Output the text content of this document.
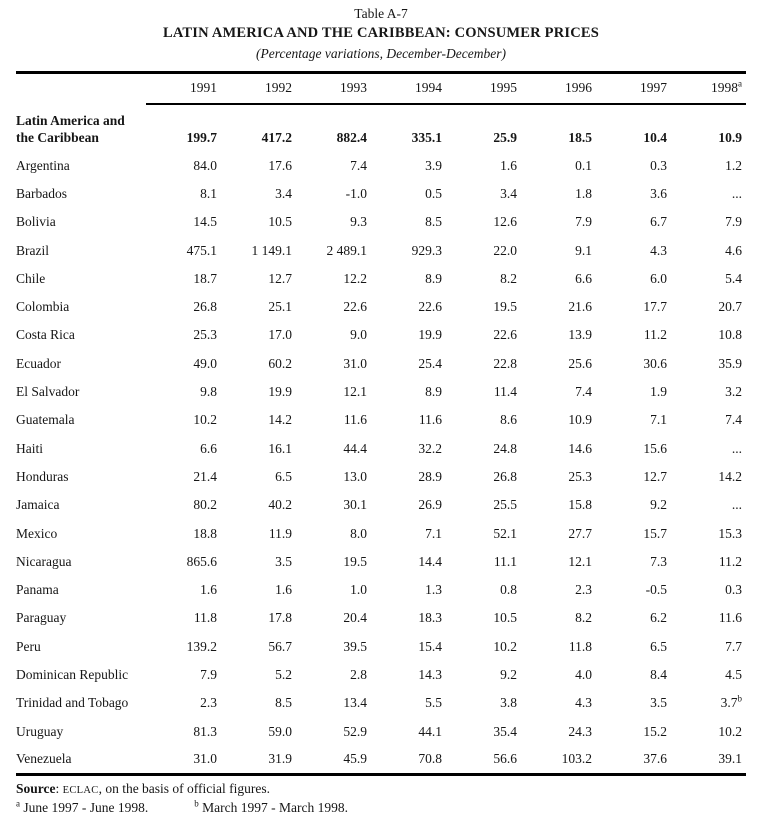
Table A-7
LATIN AMERICA AND THE CARIBBEAN: CONSUMER PRICES
(Percentage variations, December-December)
	1991	1992	1993	1994	1995	1996	1997	1998$^a$

Latin America and
the Caribbean	199.7	417.2	882.4	335.1	25.9	18.5	10.4	10.9
Argentina	84.0	17.6	7.4	3.9	1.6	0.1	0.3	1.2
Barbados	8.1	3.4	-1.0	0.5	3.4	1.8	3.6	...
Bolivia	14.5	10.5	9.3	8.5	12.6	7.9	6.7	7.9
Brazil	475.1	1 149.1	2 489.1	929.3	22.0	9.1	4.3	4.6
Chile	18.7	12.7	12.2	8.9	8.2	6.6	6.0	5.4
Colombia	26.8	25.1	22.6	22.6	19.5	21.6	17.7	20.7
Costa Rica	25.3	17.0	9.0	19.9	22.6	13.9	11.2	10.8
Ecuador	49.0	60.2	31.0	25.4	22.8	25.6	30.6	35.9
El Salvador	9.8	19.9	12.1	8.9	11.4	7.4	1.9	3.2
Guatemala	10.2	14.2	11.6	11.6	8.6	10.9	7.1	7.4
Haiti	6.6	16.1	44.4	32.2	24.8	14.6	15.6	...
Honduras	21.4	6.5	13.0	28.9	26.8	25.3	12.7	14.2
Jamaica	80.2	40.2	30.1	26.9	25.5	15.8	9.2	...
Mexico	18.8	11.9	8.0	7.1	52.1	27.7	15.7	15.3
Nicaragua	865.6	3.5	19.5	14.4	11.1	12.1	7.3	11.2
Panama	1.6	1.6	1.0	1.3	0.8	2.3	-0.5	0.3
Paraguay	11.8	17.8	20.4	18.3	10.5	8.2	6.2	11.6
Peru	139.2	56.7	39.5	15.4	10.2	11.8	6.5	7.7
Dominican Republic	7.9	5.2	2.8	14.3	9.2	4.0	8.4	4.5
Trinidad and Tobago	2.3	8.5	13.4	5.5	3.8	4.3	3.5	3.7$^b$
Uruguay	81.3	59.0	52.9	44.1	35.4	24.3	15.2	10.2
Venezuela	31.0	31.9	45.9	70.8	56.6	103.2	37.6	39.1
Source: ECLAC, on the basis of official figures.
$^a$ June 1997 - June 1998.	$^b$ March 1997 - March 1998.
